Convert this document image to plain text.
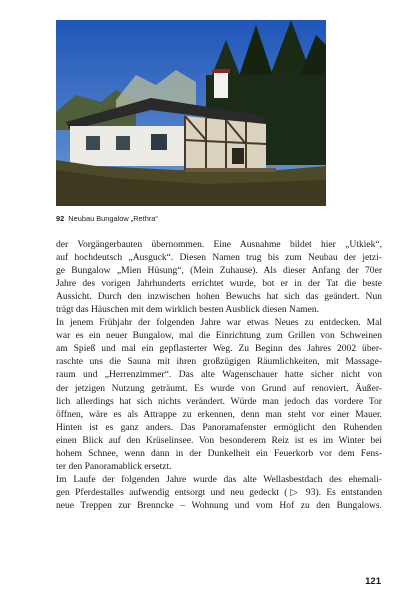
92 Neubau Bungalow „Rethra“
der Vorgängerbauten übernommen. Eine Ausnahme bildet hier „Utkiek“,
auf hochdeutsch „Ausguck“. Diesen Namen trug bis zum Neubau der jetzi-
ge Bungalow „Mien Hüsung“, (Mein Zuhause). Als dieser Anfang der 70er
Jahre des vorigen Jahrhunderts errichtet wurde, bot er in der Tat die beste
Aussicht. Durch den inzwischen hohen Bewuchs hat sich das geändert. Nun
trägt das Häuschen mit dem wirklich besten Ausblick diesen Namen.
In jenem Frühjahr der folgenden Jahre war etwas Neues zu entdecken. Mal
war es ein neuer Bungalow, mal die Einrichtung zum Grillen von Schweinen
am Spieß und mal ein gepflasterter Weg. Zu Beginn des Jahres 2002 über-
raschte uns die Sauna mit ihren großzügigen Räumlichkeiten, mit Massage-
raum und „Herrenzimmer“. Das alte Wagenschauer hatte sicher nicht von
der jetzigen Nutzung geträumt. Es wurde von Grund auf renoviert. Äußer-
lich allerdings hat sich nichts verändert. Würde man jedoch das vordere Tor
öffnen, wäre es als Attrappe zu erkennen, denn man steht vor einer Mauer.
Hinten ist es ganz anders. Das Panoramafenster ermöglicht den Ruhenden
einen Blick auf den Krüselinsee. Von besonderem Reiz ist es im Winter bei
hohem Schnee, wenn dann in der Dunkelheit ein Feuerkorb vor dem Fens-
ter den Panoramablick ersetzt.
Im Laufe der folgenden Jahre wurde das alte Wellasbestdach des ehemali-
gen Pferdestalles aufwendig entsorgt und neu gedeckt (▷ 93). Es entstanden
neue Treppen zur Brenncke – Wohnung und vom Hof zu den Bungalows.
121
